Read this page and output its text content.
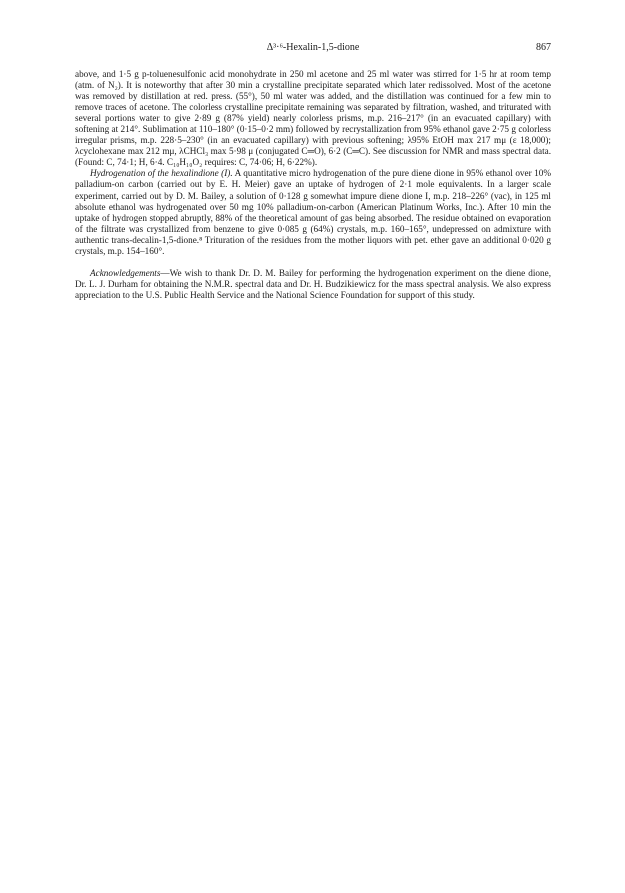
Δ³·⁶-Hexalin-1,5-dione	867

above, and 1·5 g p-toluenesulfonic acid monohydrate in 250 ml acetone and 25 ml water was stirred for 1·5 hr at room temp (atm. of N₂). It is noteworthy that after 30 min a crystalline precipitate separated which later redissolved. Most of the acetone was removed by distillation at red. press. (55°), 50 ml water was added, and the distillation was continued for a few min to remove traces of acetone. The colorless crystalline precipitate remaining was separated by filtration, washed, and triturated with several portions water to give 2·89 g (87% yield) nearly colorless prisms, m.p. 216–217° (in an evacuated capillary) with softening at 214°. Sublimation at 110–180° (0·15–0·2 mm) followed by recrystallization from 95% ethanol gave 2·75 g colorless irregular prisms, m.p. 228·5–230° (in an evacuated capillary) with previous softening; λ95% EtOH max 217 mμ (ε 18,000); λcyclohexane max 212 mμ, λCHCl₃ max 5·98 μ (conjugated C═O), 6·2 (C═C). See discussion for NMR and mass spectral data. (Found: C, 74·1; H, 6·4. C₁₀H₁₀O₂ requires: C, 74·06; H, 6·22%).

Hydrogenation of the hexalindione (I). A quantitative micro hydrogenation of the pure diene dione in 95% ethanol over 10% palladium-on carbon (carried out by E. H. Meier) gave an uptake of hydrogen of 2·1 mole equivalents. In a larger scale experiment, carried out by D. M. Bailey, a solution of 0·128 g somewhat impure diene dione I, m.p. 218–226° (vac), in 125 ml absolute ethanol was hydrogenated over 50 mg 10% palladium-on-carbon (American Platinum Works, Inc.). After 10 min the uptake of hydrogen stopped abruptly, 88% of the theoretical amount of gas being absorbed. The residue obtained on evaporation of the filtrate was crystallized from benzene to give 0·085 g (64%) crystals, m.p. 160–165°, undepressed on admixture with authentic trans-decalin-1,5-dione.⁸ Trituration of the residues from the mother liquors with pet. ether gave an additional 0·020 g crystals, m.p. 154–160°.

Acknowledgements—We wish to thank Dr. D. M. Bailey for performing the hydrogenation experiment on the diene dione, Dr. L. J. Durham for obtaining the N.M.R. spectral data and Dr. H. Budzikiewicz for the mass spectral analysis. We also express appreciation to the U.S. Public Health Service and the National Science Foundation for support of this study.
